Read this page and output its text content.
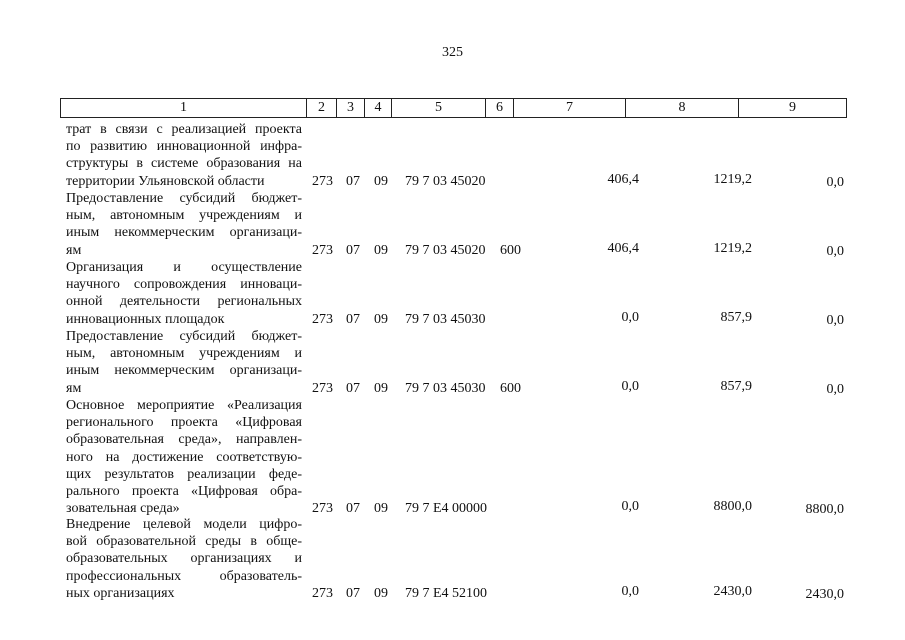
325
1	2	3	4	5	6	7	8	9
трат в связи с реализацией проекта
по развитию инновационной инфра-
структуры в системе образования на
территории Ульяновской области	273 07 09 79 7 03 45020	406,4	1219,2	0,0
Предоставление субсидий бюджет-
ным, автономным учреждениям и
иным некоммерческим организаци-
ям	273 07 09 79 7 03 45020 600	406,4	1219,2	0,0
Организация и осуществление
научного сопровождения инноваци-
онной деятельности региональных
инновационных площадок	273 07 09 79 7 03 45030	0,0	857,9	0,0
Предоставление субсидий бюджет-
ным, автономным учреждениям и
иным некоммерческим организаци-
ям	273 07 09 79 7 03 45030 600	0,0	857,9	0,0
Основное мероприятие «Реализация
регионального проекта «Цифровая
образовательная среда», направлен-
ного на достижение соответствую-
щих результатов реализации феде-
рального проекта «Цифровая обра-
зовательная среда»	273 07 09 79 7 E4 00000	0,0	8800,0	8800,0
Внедрение целевой модели цифро-
вой образовательной среды в обще-
образовательных организациях и
профессиональных образователь-
ных организациях	273 07 09 79 7 E4 52100	0,0	2430,0	2430,0
